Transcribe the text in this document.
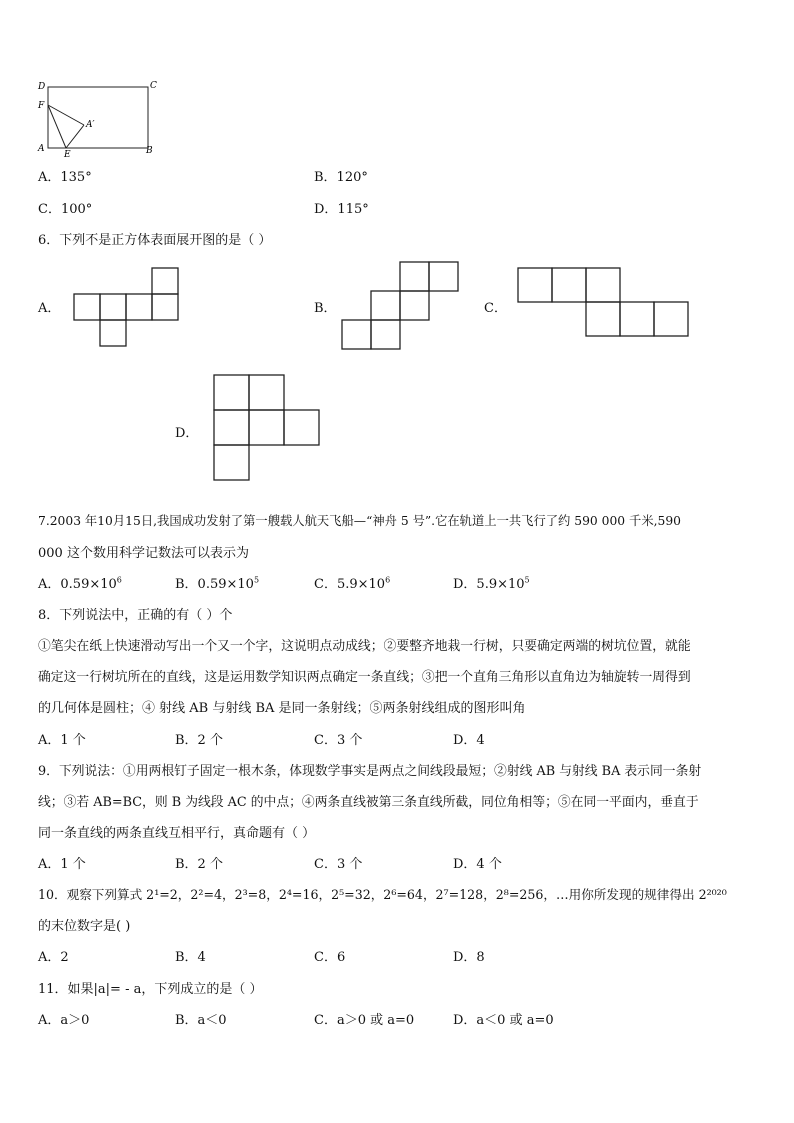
D	C
F
A′
A
E	B
A．135°	B．120°
C．100°	D．115°
6．下列不是正方体表面展开图的是（ ）
A．	B．	C．
D．
7.2003 年10月15日,我国成功发射了第一艘载人航天飞船—“神舟 5 号”.它在轨道上一共飞行了约 590 000 千米,590
000 这个数用科学记数法可以表示为
A．$0.59\times 10^6$	B．$0.59\times 10^5$	C．$5.9\times 10^6$	D．$5.9\times 10^5$
8．下列说法中，正确的有（ ）个
①笔尖在纸上快速滑动写出一个又一个字，这说明点动成线；②要整齐地栽一行树，只要确定两端的树坑位置，就能
确定这一行树坑所在的直线，这是运用数学知识两点确定一条直线；③把一个直角三角形以直角边为轴旋转一周得到
的几何体是圆柱；④ 射线 AB 与射线 BA 是同一条射线；⑤两条射线组成的图形叫角
A．1 个	B．2 个	C．3 个	D．4
9．下列说法：①用两根钉子固定一根木条，体现数学事实是两点之间线段最短；②射线 AB 与射线 BA 表示同一条射
线；③若 AB=BC，则 B 为线段 AC 的中点；④两条直线被第三条直线所截，同位角相等；⑤在同一平面内，垂直于
同一条直线的两条直线互相平行，真命题有（ ）
A．1 个	B．2 个	C．3 个	D．4 个
10．观察下列算式 2¹=2，2²=4，2³=8，2⁴=16，2⁵=32，2⁶=64，2⁷=128，2⁸=256，…用你所发现的规律得出 2²⁰²⁰
的末位数字是( )
A．2	B．4	C．6	D．8
11．如果|a|= - a，下列成立的是（ ）
A．a＞0	B．a＜0	C．a＞0 或 a=0	D．a＜0 或 a=0
